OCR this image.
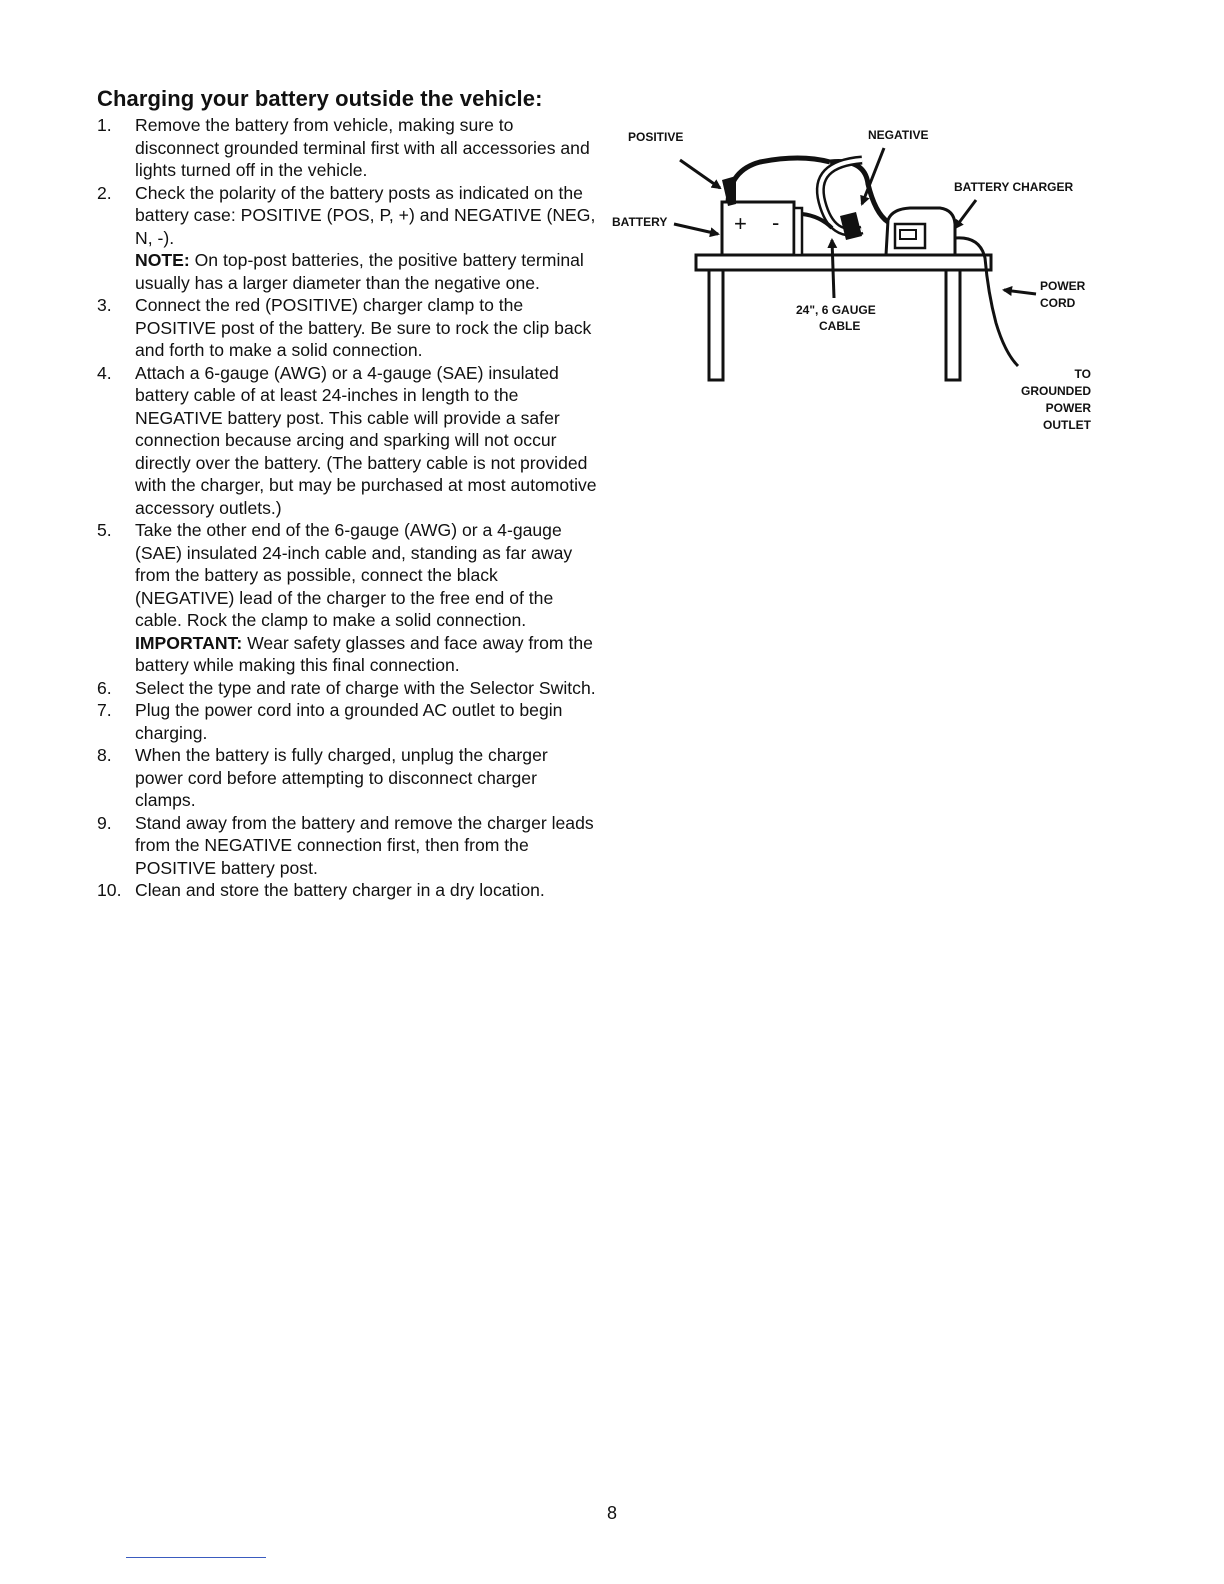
Charging your battery outside the vehicle:
1.	Remove the battery from vehicle, making sure to disconnect grounded terminal first with all accessories and lights turned off in the vehicle.
2.	Check the polarity of the battery posts as indicated on the battery case: POSITIVE (POS, P, +) and NEGATIVE (NEG, N, -).
NOTE: On top-post batteries, the positive battery terminal usually has a larger diameter than the negative one.
3.	Connect the red (POSITIVE) charger clamp to the POSITIVE post of the battery. Be sure to rock the clip back and forth to make a solid connection.
4.	Attach a 6-gauge (AWG) or a 4-gauge (SAE) insulated battery cable of at least 24-inches in length to the NEGATIVE battery post. This cable will provide a safer connection because arcing and sparking will not occur directly over the battery. (The battery cable is not provided with the charger, but may be purchased at most automotive accessory outlets.)
5.	Take the other end of the 6-gauge (AWG) or a 4-gauge (SAE) insulated 24-inch cable and, standing as far away from the battery as possible, connect the black (NEGATIVE) lead of the charger to the free end of the cable. Rock the clamp to make a solid connection.
IMPORTANT: Wear safety glasses and face away from the battery while making this final connection.
6.	Select the type and rate of charge with the Selector Switch.
7.	Plug the power cord into a grounded AC outlet to begin charging.
8.	When the battery is fully charged, unplug the charger power cord before attempting to disconnect charger clamps.
9.	Stand away from the battery and remove the charger leads from the NEGATIVE connection first, then from the POSITIVE battery post.
10. Clean and store the battery charger in a dry location.
POSITIVE	NEGATIVE
BATTERY CHARGER
BATTERY
24", 6 GAUGE
CABLE
POWER
CORD
TO
GROUNDED
POWER
OUTLET
+ -
8
